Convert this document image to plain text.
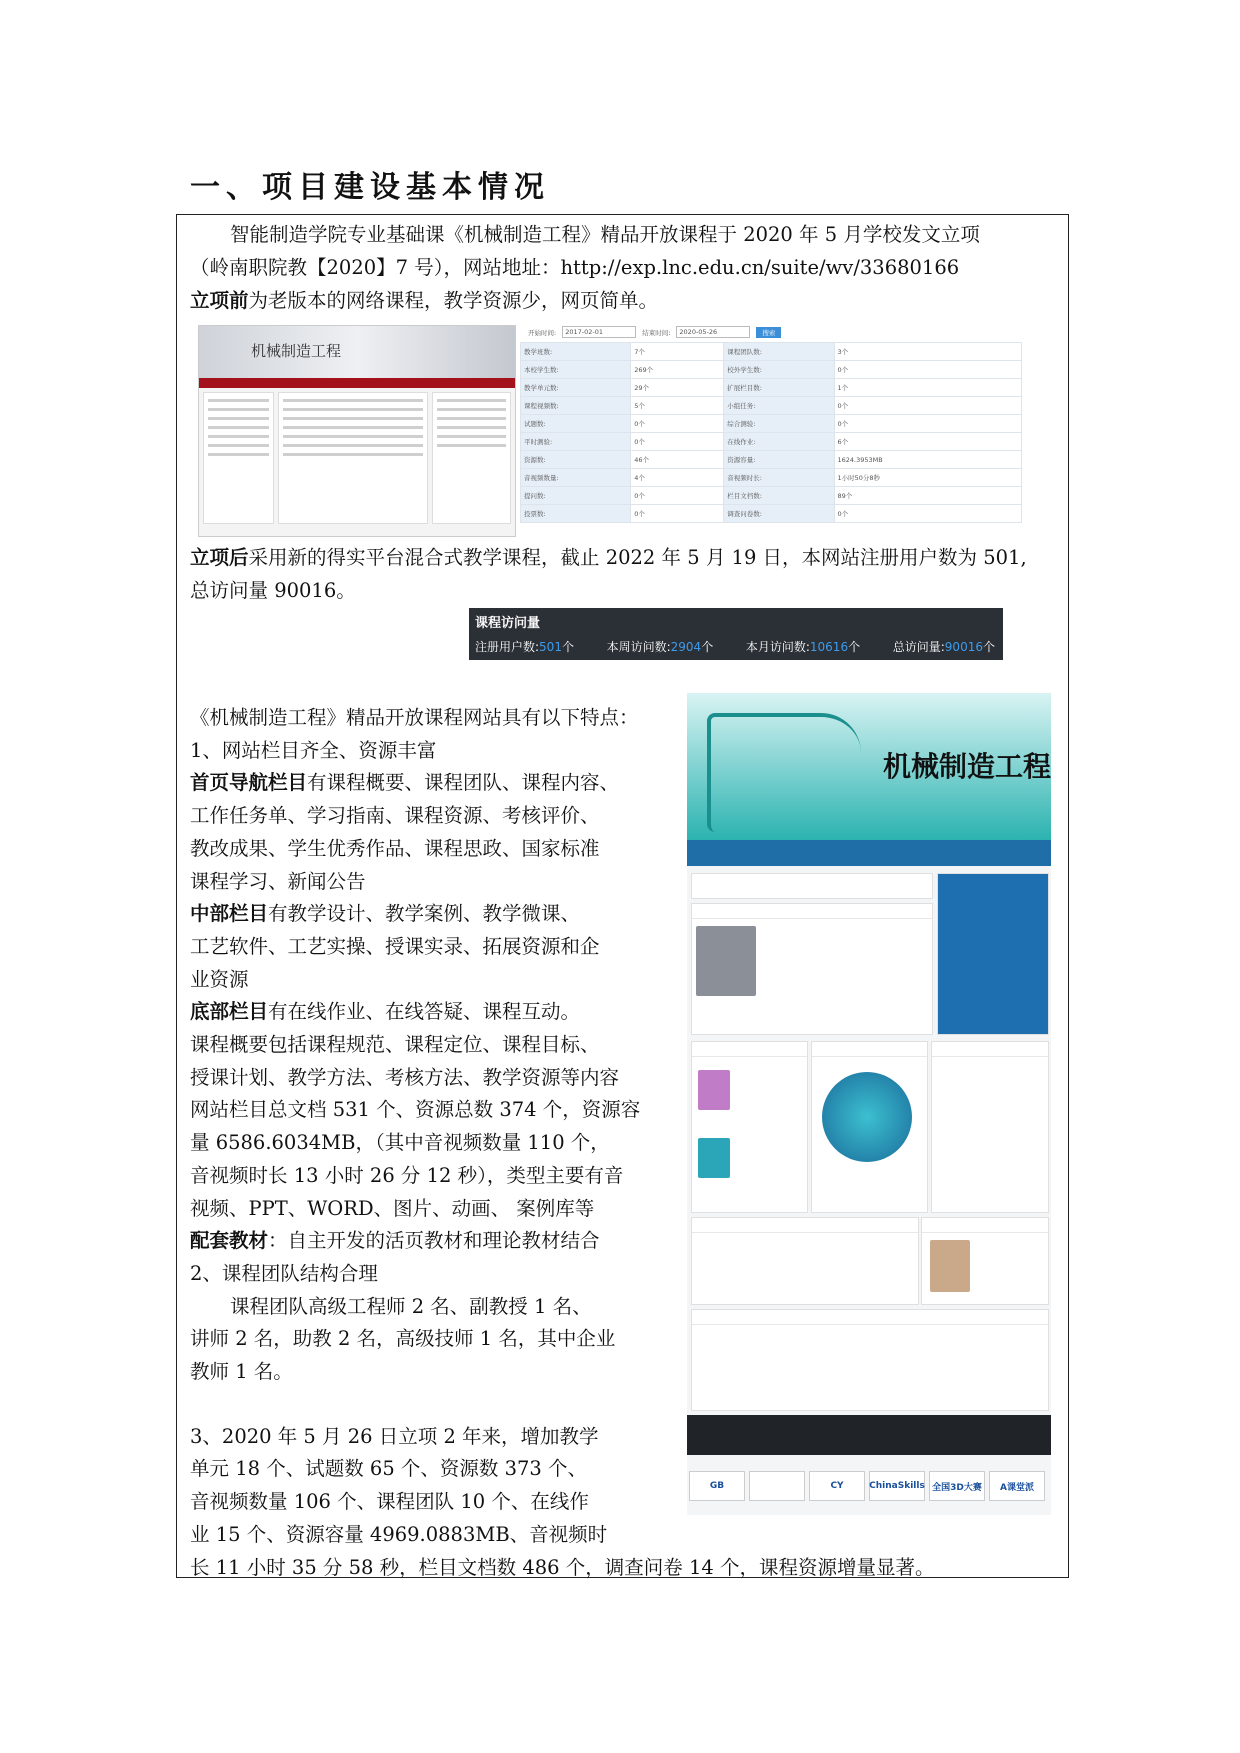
一、项目建设基本情况
智能制造学院专业基础课《机械制造工程》精品开放课程于 2020 年 5 月学校发文立项
（岭南职院教【2020】7 号），网站地址：http://exp.lnc.edu.cn/suite/wv/33680166
立项前为老版本的网络课程，教学资源少，网页简单。
机械制造工程
开始时间:	2017-02-01	结束时间:	2020-05-26	搜索
教学班数:	7个	课程团队数:	3个
本校学生数:	269个	校外学生数:	0个
教学单元数:	29个	扩展栏目数:	1个
课程视频数:	5个	小组任务:	0个
试题数:	0个	综合测验:	0个
平时测验:	0个	在线作业:	6个
资源数:	46个	资源容量:	1624.3953MB
音视频数量:	4个	音视频时长:	1小时50分8秒
提问数:	0个	栏目文档数:	89个
投票数:	0个	调查问卷数:	0个
立项后采用新的得实平台混合式教学课程，截止 2022 年 5 月 19 日，本网站注册用户数为 501,
总访问量 90016。
课程访问量
注册用户数:501个	本周访问数:2904个	本月访问数:10616个	总访问量:90016个
机械制造工程
GB	CY	ChinaSkills 全国3D大赛	A课堂派
《机械制造工程》精品开放课程网站具有以下特点：
1、网站栏目齐全、资源丰富
首页导航栏目有课程概要、课程团队、课程内容、
工作任务单、学习指南、课程资源、考核评价、
教改成果、学生优秀作品、课程思政、国家标准
课程学习、新闻公告
中部栏目有教学设计、教学案例、教学微课、
工艺软件、工艺实操、授课实录、拓展资源和企
业资源
底部栏目有在线作业、在线答疑、课程互动。
课程概要包括课程规范、课程定位、课程目标、
授课计划、教学方法、考核方法、教学资源等内容
网站栏目总文档 531 个、资源总数 374 个，资源容
量 6586.6034MB，（其中音视频数量 110 个，
音视频时长 13 小时 26 分 12 秒），类型主要有音
视频、PPT、WORD、图片、动画、 案例库等
配套教材：自主开发的活页教材和理论教材结合
2、课程团队结构合理
课程团队高级工程师 2 名、副教授 1 名、
讲师 2 名，助教 2 名，高级技师 1 名，其中企业
教师 1 名。
3、2020 年 5 月 26 日立项 2 年来，增加教学
单元 18 个、试题数 65 个、资源数 373 个、
音视频数量 106 个、课程团队 10 个、在线作
业 15 个、资源容量 4969.0883MB、音视频时
长 11 小时 35 分 58 秒，栏目文档数 486 个，调查问卷 14 个，课程资源增量显著。
